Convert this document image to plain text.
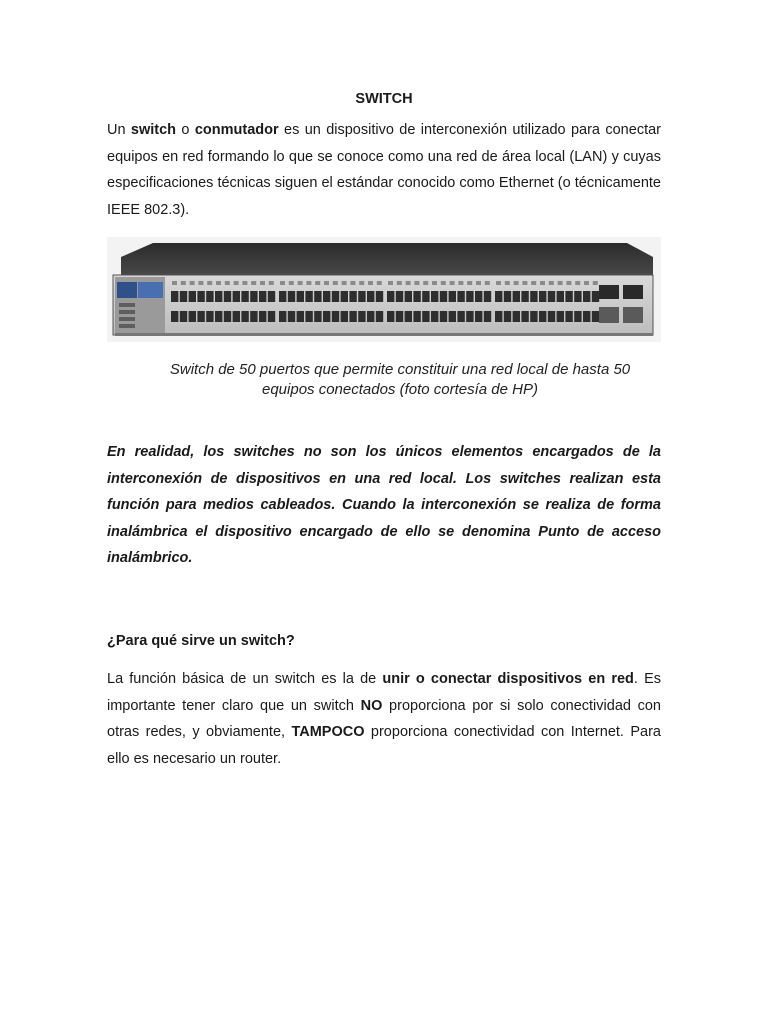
SWITCH

Un switch o conmutador es un dispositivo de interconexión utilizado para conectar equipos en red formando lo que se conoce como una red de área local (LAN) y cuyas especificaciones técnicas siguen el estándar conocido como Ethernet (o técnicamente IEEE 802.3).

Switch de 50 puertos que permite constituir una red local de hasta 50
equipos conectados (foto cortesía de HP)

En realidad, los switches no son los únicos elementos encargados de la interconexión de dispositivos en una red local. Los switches realizan esta función para medios cableados. Cuando la interconexión se realiza de forma inalámbrica el dispositivo encargado de ello se denomina Punto de acceso inalámbrico.

¿Para qué sirve un switch?

La función básica de un switch es la de unir o conectar dispositivos en red. Es importante tener claro que un switch NO proporciona por si solo conectividad con otras redes, y obviamente, TAMPOCO proporciona conectividad con Internet. Para ello es necesario un router.
